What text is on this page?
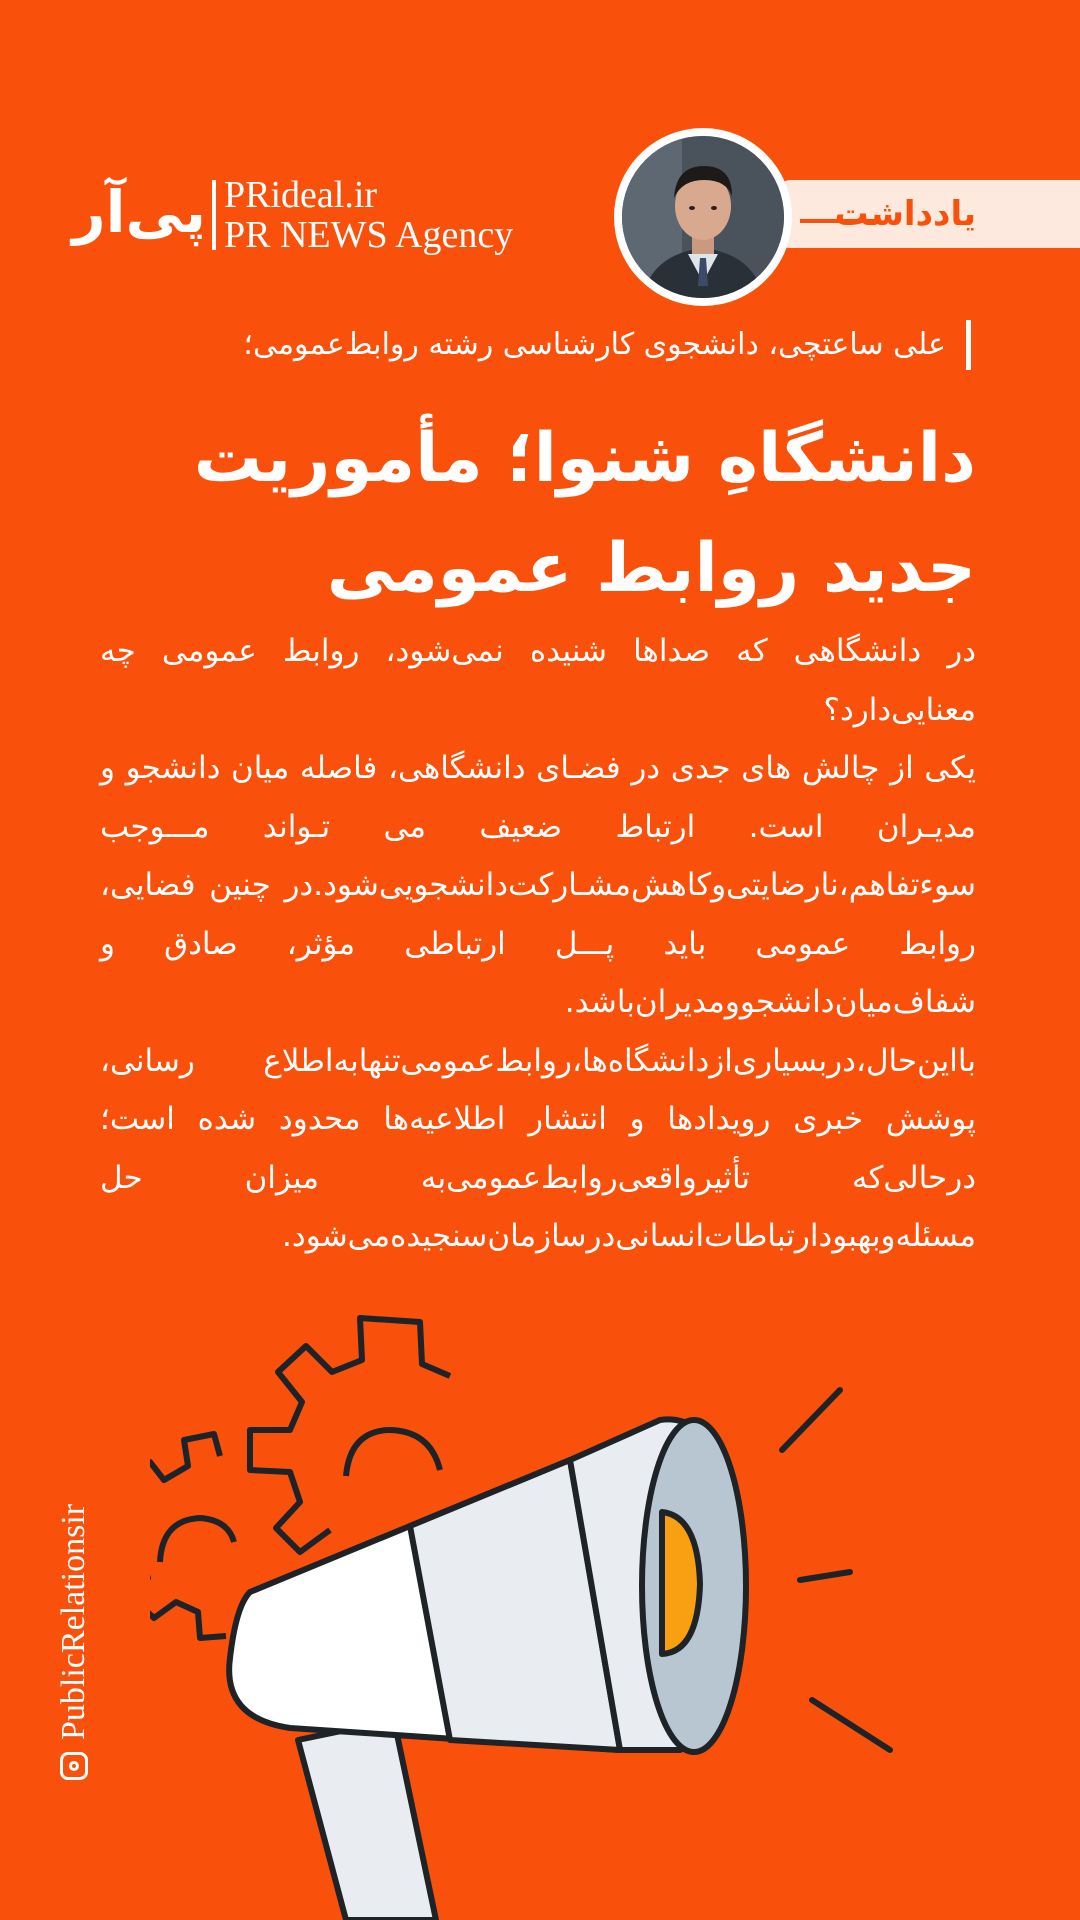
پی‌آر PRideal.ir
PR NEWS Agency	یادداشت
علی ساعتچی، دانشجوی کارشناسی رشته روابط‌عمومی؛
دانشگاهِ شنوا؛ مأموریت
جدید روابط عمومی

در دانشگاهی که صداها شنیده نمی‌شود، روابط عمومی چه معنایی‌دارد؟

یکی از چالش های جدی در فضـای دانشگاهی، فاصله میان دانشجو و مدیـران است. ارتباط ضعیف می تـواند مـــوجب سوءتفاهم،‌نارضایتی‌وکاهش‌مشـارکت‌دانشجویی‌شود.در چنین فضایی، روابط عمومی باید پـــل ارتباطی مؤثر، صادق و شفاف‌میان‌دانشجوومدیران‌باشد.

بااین‌حال،دربسیاری‌ازدانشگاه‌ها،روابط‌عمومی‌تنهابه‌اطلاع رسانی، پوشش خبری رویدادها و انتشار اطلاعیه‌ها محدود شده است؛درحالی‌که تأثیرواقعی‌روابط‌عمومی‌به میزان حل مسئله‌وبهبودارتباطات‌انسانی‌درسازمان‌سنجیده‌می‌شود.

PublicRelationsir
